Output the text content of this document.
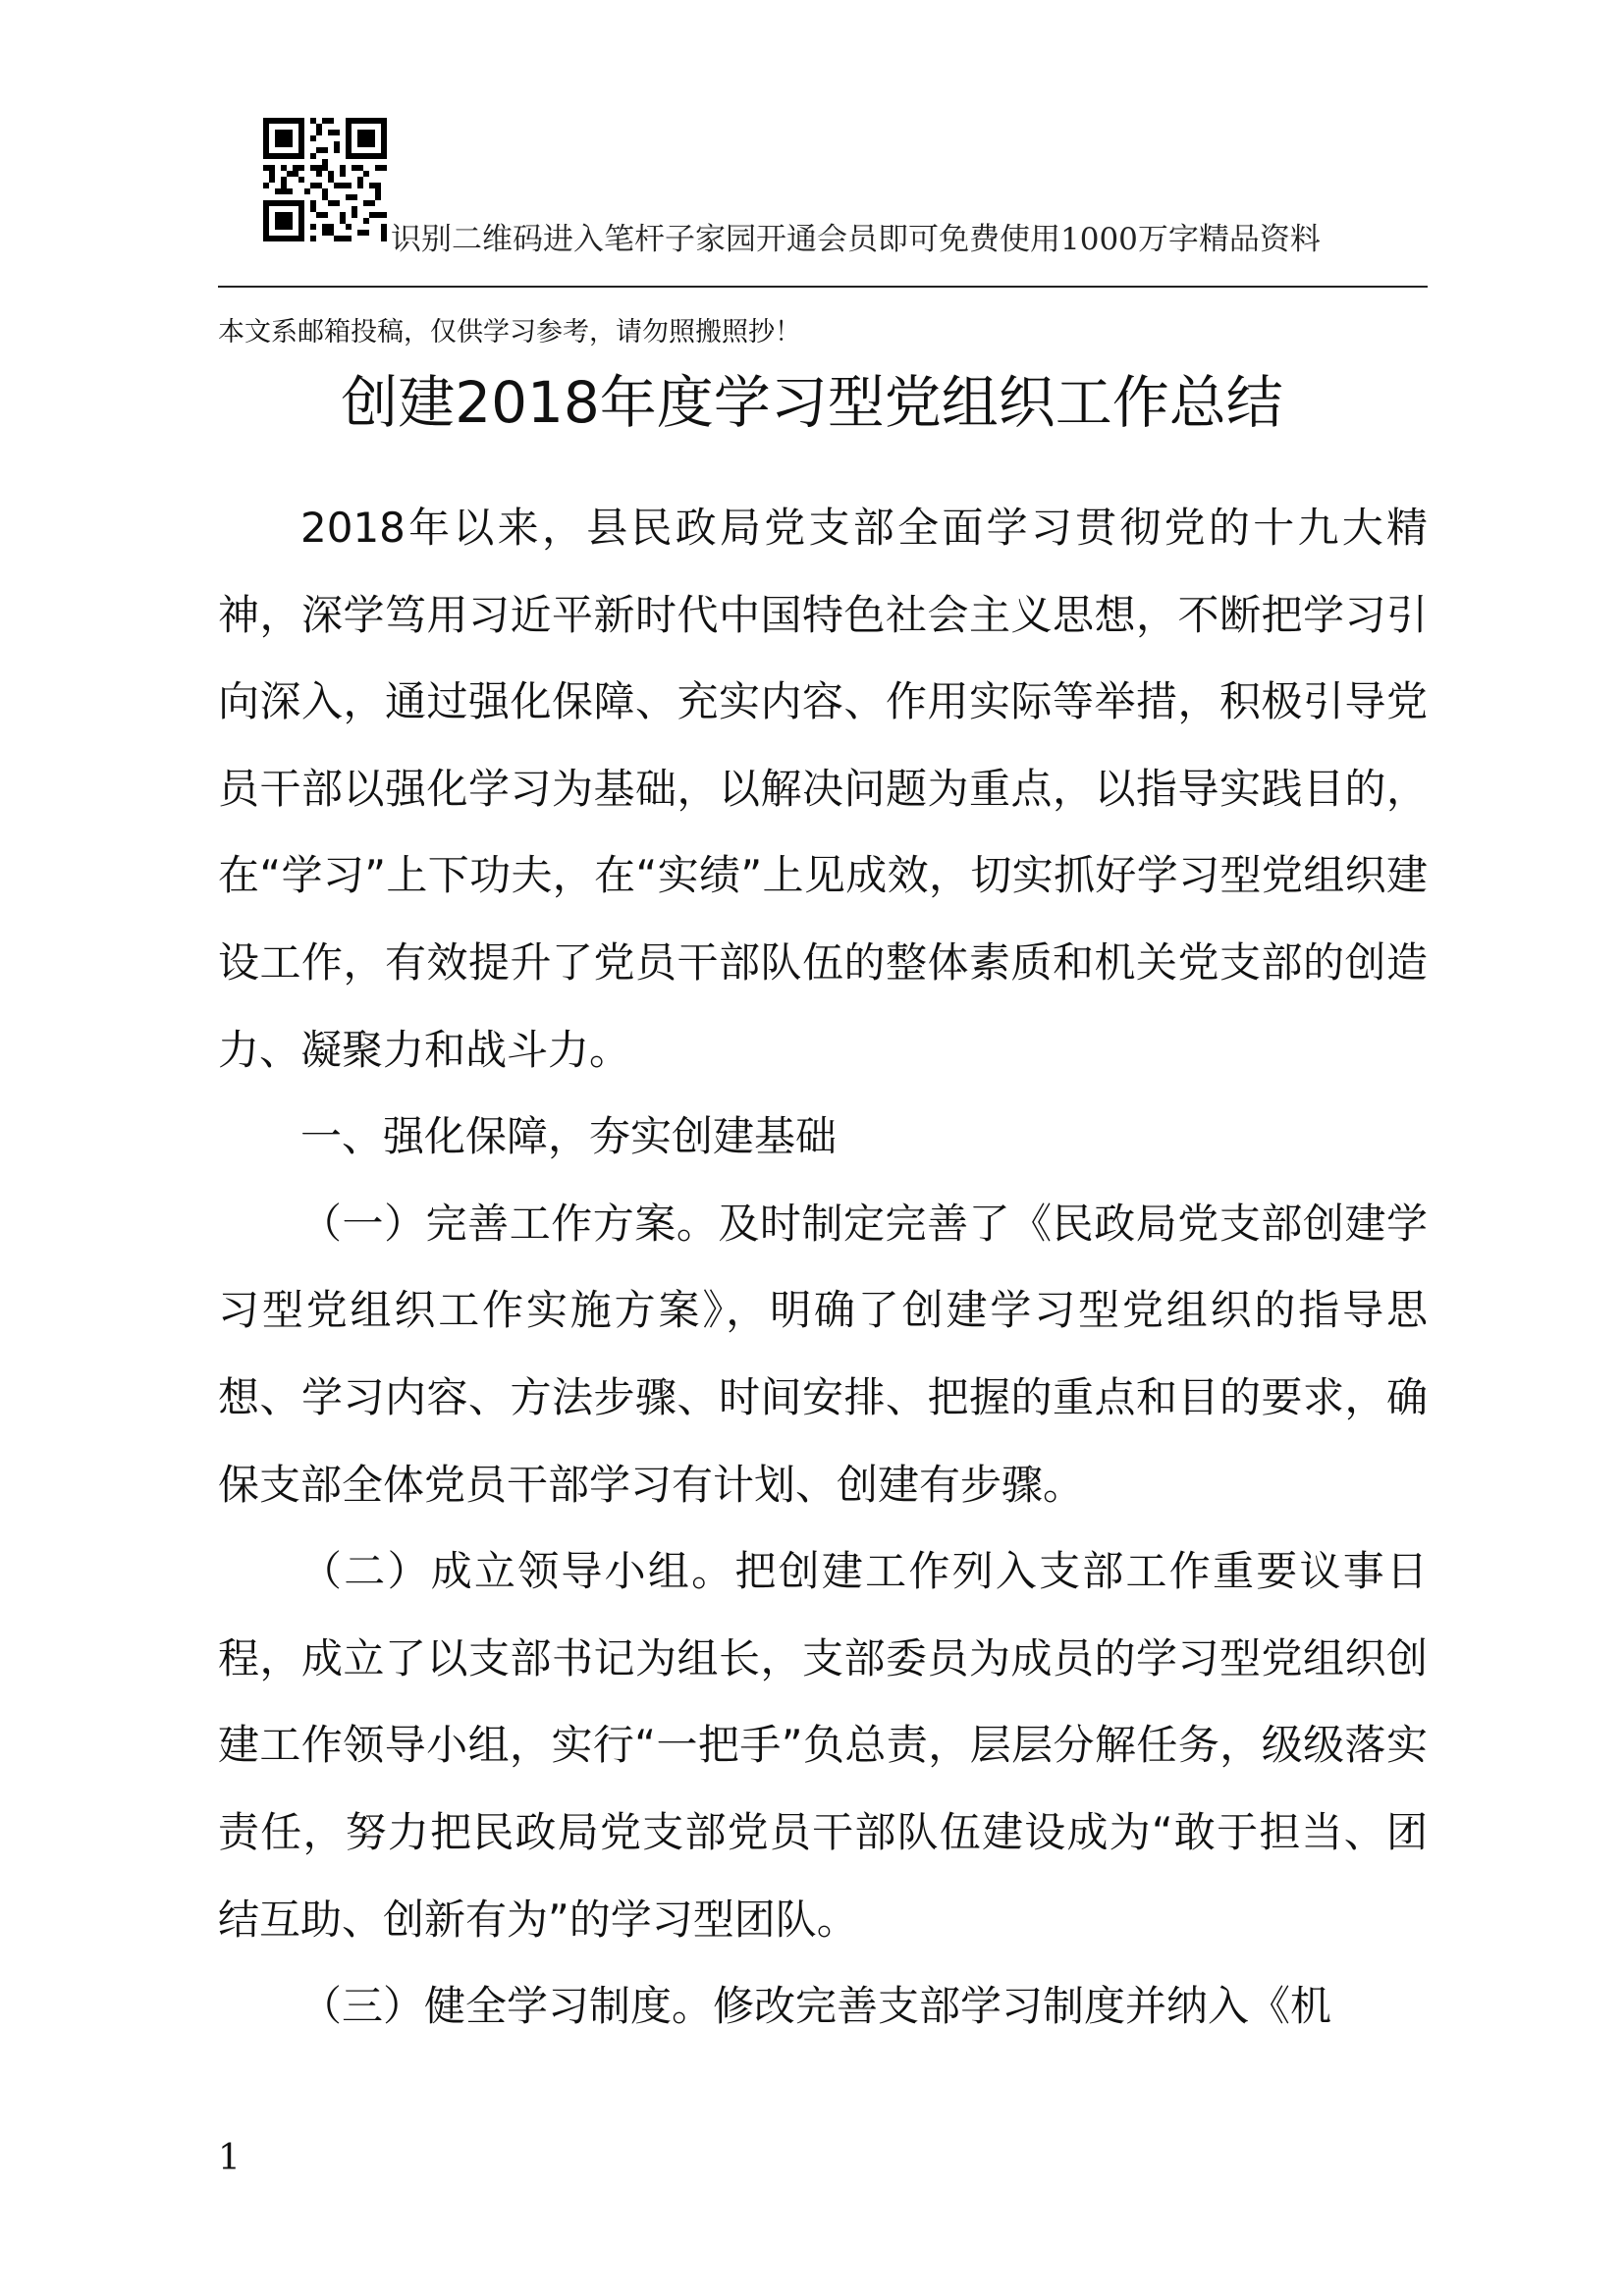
识别二维码进入笔杆子家园开通会员即可免费使用1000万字精品资料
本文系邮箱投稿，仅供学习参考，请勿照搬照抄！
创建2018年度学习型党组织工作总结

2018年以来，县民政局党支部全面学习贯彻党的十九大精神，深学笃用习近平新时代中国特色社会主义思想，不断把学习引向深入，通过强化保障、充实内容、作用实际等举措，积极引导党员干部以强化学习为基础，以解决问题为重点，以指导实践目的，在“学习”上下功夫，在“实绩”上见成效，切实抓好学习型党组织建设工作，有效提升了党员干部队伍的整体素质和机关党支部的创造力、凝聚力和战斗力。

一、强化保障，夯实创建基础

（一）完善工作方案。及时制定完善了《民政局党支部创建学习型党组织工作实施方案》，明确了创建学习型党组织的指导思想、学习内容、方法步骤、时间安排、把握的重点和目的要求，确保支部全体党员干部学习有计划、创建有步骤。

（二）成立领导小组。把创建工作列入支部工作重要议事日程，成立了以支部书记为组长，支部委员为成员的学习型党组织创建工作领导小组，实行“一把手”负总责，层层分解任务，级级落实责任，努力把民政局党支部党员干部队伍建设成为“敢于担当、团结互助、创新有为”的学习型团队。

（三）健全学习制度。修改完善支部学习制度并纳入《机

1
